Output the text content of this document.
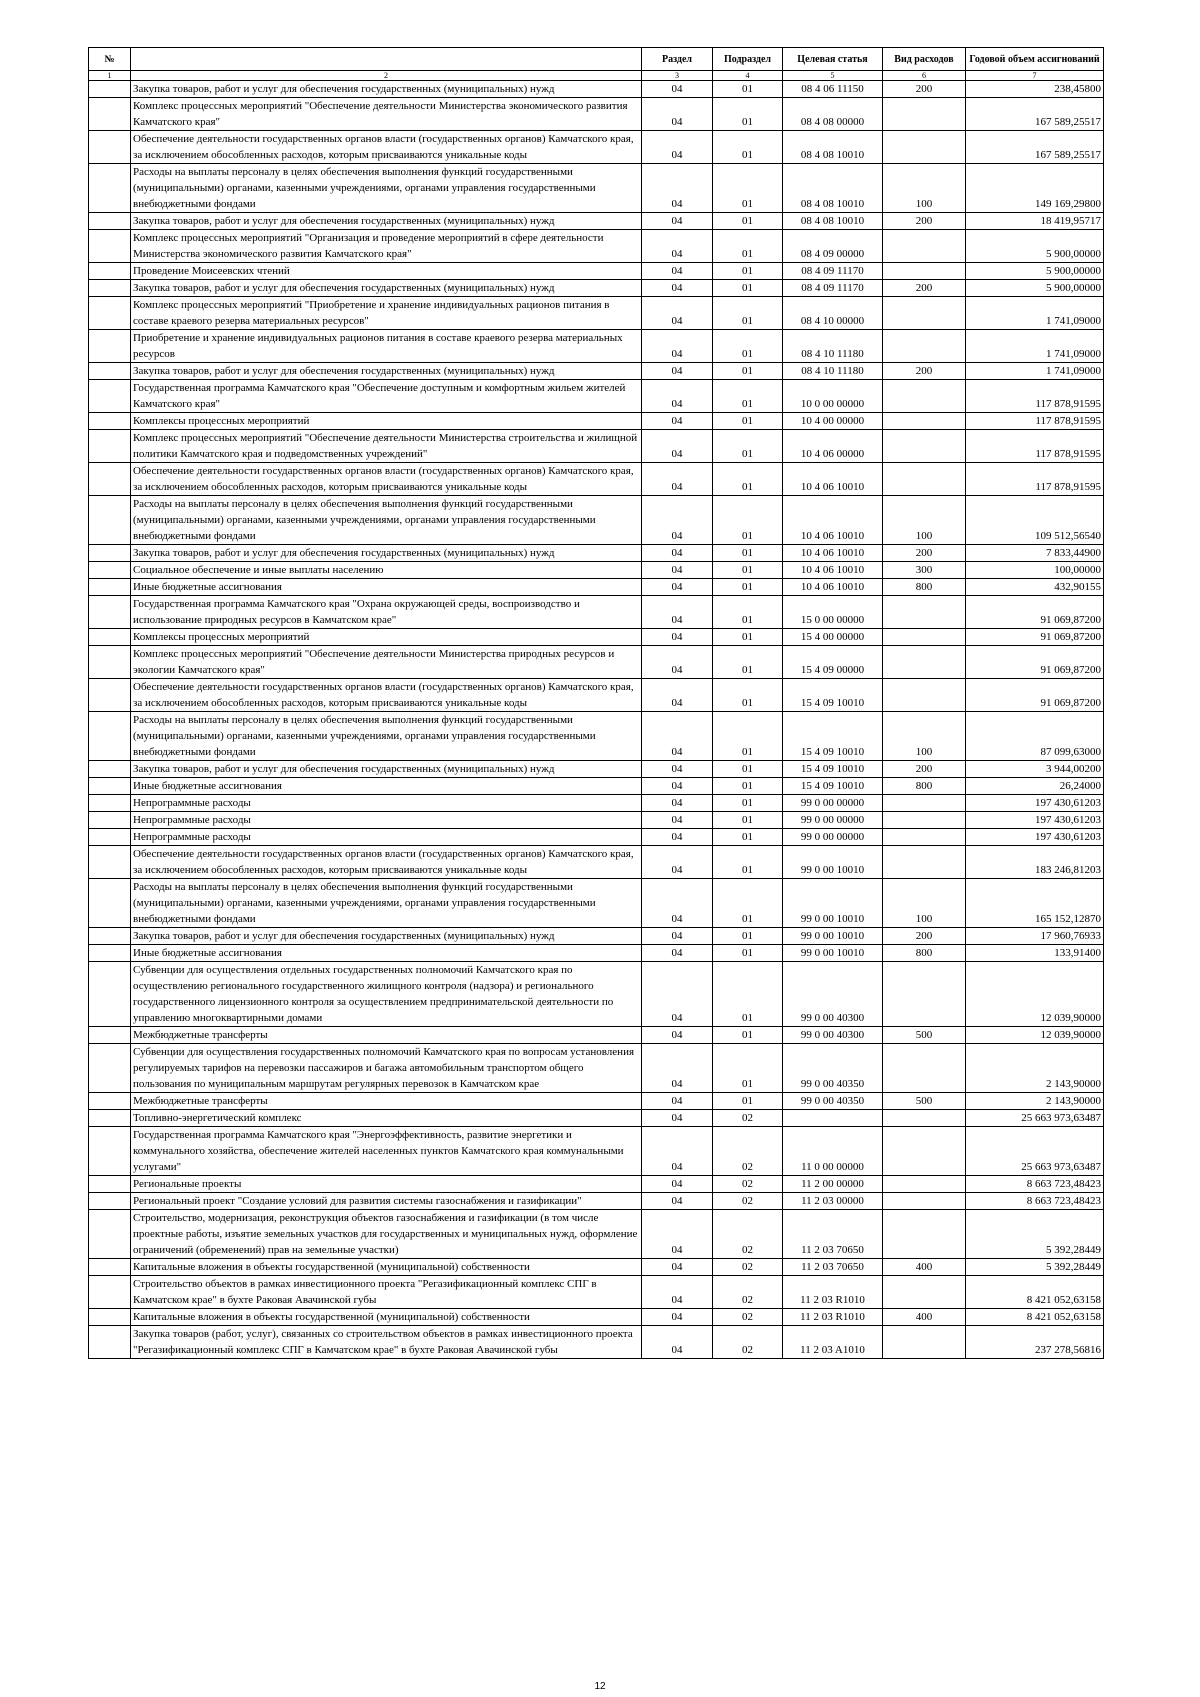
№		Раздел	Подраздел	Целевая статья	Вид расходов	Годовой объем ассигнований
1	2	3	4	5	6	7
	Закупка товаров, работ и услуг для обеспечения государственных (муниципальных) нужд	04	01	08 4 06 11150	200	238,45800
	Комплекс процессных мероприятий "Обеспечение деятельности Министерства экономического развития Камчатского края"	04	01	08 4 08 00000		167 589,25517
	Обеспечение деятельности государственных органов власти (государственных органов) Камчатского края, за исключением обособленных расходов, которым присваиваются уникальные коды	04	01	08 4 08 10010		167 589,25517
	Расходы на выплаты персоналу в целях обеспечения выполнения функций государственными (муниципальными) органами, казенными учреждениями, органами управления государственными внебюджетными фондами	04	01	08 4 08 10010	100	149 169,29800
	Закупка товаров, работ и услуг для обеспечения государственных (муниципальных) нужд	04	01	08 4 08 10010	200	18 419,95717
	Комплекс процессных мероприятий "Организация и проведение мероприятий в сфере деятельности Министерства экономического развития Камчатского края"	04	01	08 4 09 00000		5 900,00000
	Проведение Моисеевских чтений	04	01	08 4 09 11170		5 900,00000
	Закупка товаров, работ и услуг для обеспечения государственных (муниципальных) нужд	04	01	08 4 09 11170	200	5 900,00000
	Комплекс процессных мероприятий "Приобретение и хранение индивидуальных рационов питания в составе краевого резерва материальных ресурсов"	04	01	08 4 10 00000		1 741,09000
	Приобретение и хранение индивидуальных рационов питания в составе краевого резерва материальных ресурсов	04	01	08 4 10 11180		1 741,09000
	Закупка товаров, работ и услуг для обеспечения государственных (муниципальных) нужд	04	01	08 4 10 11180	200	1 741,09000
	Государственная программа Камчатского края "Обеспечение доступным и комфортным жильем жителей Камчатского края"	04	01	10 0 00 00000		117 878,91595
	Комплексы процессных мероприятий	04	01	10 4 00 00000		117 878,91595
	Комплекс процессных мероприятий "Обеспечение деятельности Министерства строительства и жилищной политики Камчатского края и подведомственных учреждений"	04	01	10 4 06 00000		117 878,91595
	Обеспечение деятельности государственных органов власти (государственных органов) Камчатского края, за исключением обособленных расходов, которым присваиваются уникальные коды	04	01	10 4 06 10010		117 878,91595
	Расходы на выплаты персоналу в целях обеспечения выполнения функций государственными (муниципальными) органами, казенными учреждениями, органами управления государственными внебюджетными фондами	04	01	10 4 06 10010	100	109 512,56540
	Закупка товаров, работ и услуг для обеспечения государственных (муниципальных) нужд	04	01	10 4 06 10010	200	7 833,44900
	Социальное обеспечение и иные выплаты населению	04	01	10 4 06 10010	300	100,00000
	Иные бюджетные ассигнования	04	01	10 4 06 10010	800	432,90155
	Государственная программа Камчатского края "Охрана окружающей среды, воспроизводство и использование природных ресурсов в Камчатском крае"	04	01	15 0 00 00000		91 069,87200
	Комплексы процессных мероприятий	04	01	15 4 00 00000		91 069,87200
	Комплекс процессных мероприятий "Обеспечение деятельности Министерства природных ресурсов и экологии Камчатского края"	04	01	15 4 09 00000		91 069,87200
	Обеспечение деятельности государственных органов власти (государственных органов) Камчатского края, за исключением обособленных расходов, которым присваиваются уникальные коды	04	01	15 4 09 10010		91 069,87200
	Расходы на выплаты персоналу в целях обеспечения выполнения функций государственными (муниципальными) органами, казенными учреждениями, органами управления государственными внебюджетными фондами	04	01	15 4 09 10010	100	87 099,63000
	Закупка товаров, работ и услуг для обеспечения государственных (муниципальных) нужд	04	01	15 4 09 10010	200	3 944,00200
	Иные бюджетные ассигнования	04	01	15 4 09 10010	800	26,24000
	Непрограммные расходы	04	01	99 0 00 00000		197 430,61203
	Непрограммные расходы	04	01	99 0 00 00000		197 430,61203
	Непрограммные расходы	04	01	99 0 00 00000		197 430,61203
	Обеспечение деятельности государственных органов власти (государственных органов) Камчатского края, за исключением обособленных расходов, которым присваиваются уникальные коды	04	01	99 0 00 10010		183 246,81203
	Расходы на выплаты персоналу в целях обеспечения выполнения функций государственными (муниципальными) органами, казенными учреждениями, органами управления государственными внебюджетными фондами	04	01	99 0 00 10010	100	165 152,12870
	Закупка товаров, работ и услуг для обеспечения государственных (муниципальных) нужд	04	01	99 0 00 10010	200	17 960,76933
	Иные бюджетные ассигнования	04	01	99 0 00 10010	800	133,91400
	Субвенции для осуществления отдельных государственных полномочий Камчатского края по осуществлению регионального государственного жилищного контроля (надзора) и регионального государственного лицензионного контроля за осуществлением предпринимательской деятельности по управлению многоквартирными домами	04	01	99 0 00 40300		12 039,90000
	Межбюджетные трансферты	04	01	99 0 00 40300	500	12 039,90000
	Субвенции для осуществления государственных полномочий Камчатского края по вопросам установления регулируемых тарифов на перевозки пассажиров и багажа автомобильным транспортом общего пользования по муниципальным маршрутам регулярных перевозок в Камчатском крае	04	01	99 0 00 40350		2 143,90000
	Межбюджетные трансферты	04	01	99 0 00 40350	500	2 143,90000
	Топливно-энергетический комплекс	04	02			25 663 973,63487
	Государственная программа Камчатского края "Энергоэффективность, развитие энергетики и коммунального хозяйства, обеспечение жителей населенных пунктов Камчатского края коммунальными услугами"	04	02	11 0 00 00000		25 663 973,63487
	Региональные проекты	04	02	11 2 00 00000		8 663 723,48423
	Региональный проект "Создание условий для развития системы газоснабжения и газификации"	04	02	11 2 03 00000		8 663 723,48423
	Строительство, модернизация, реконструкция объектов газоснабжения и газификации (в том числе проектные работы, изъятие земельных участков для государственных и муниципальных нужд, оформление ограничений (обременений) прав на земельные участки)	04	02	11 2 03 70650		5 392,28449
	Капитальные вложения в объекты государственной (муниципальной) собственности	04	02	11 2 03 70650	400	5 392,28449
	Строительство объектов в рамках инвестиционного проекта "Регазификационный комплекс СПГ в Камчатском крае" в бухте Раковая Авачинской губы	04	02	11 2 03 R1010		8 421 052,63158
	Капитальные вложения в объекты государственной (муниципальной) собственности	04	02	11 2 03 R1010	400	8 421 052,63158
	Закупка товаров (работ, услуг), связанных со строительством объектов в рамках инвестиционного проекта "Регазификационный комплекс СПГ в Камчатском крае" в бухте Раковая Авачинской губы	04	02	11 2 03 A1010		237 278,56816
12
